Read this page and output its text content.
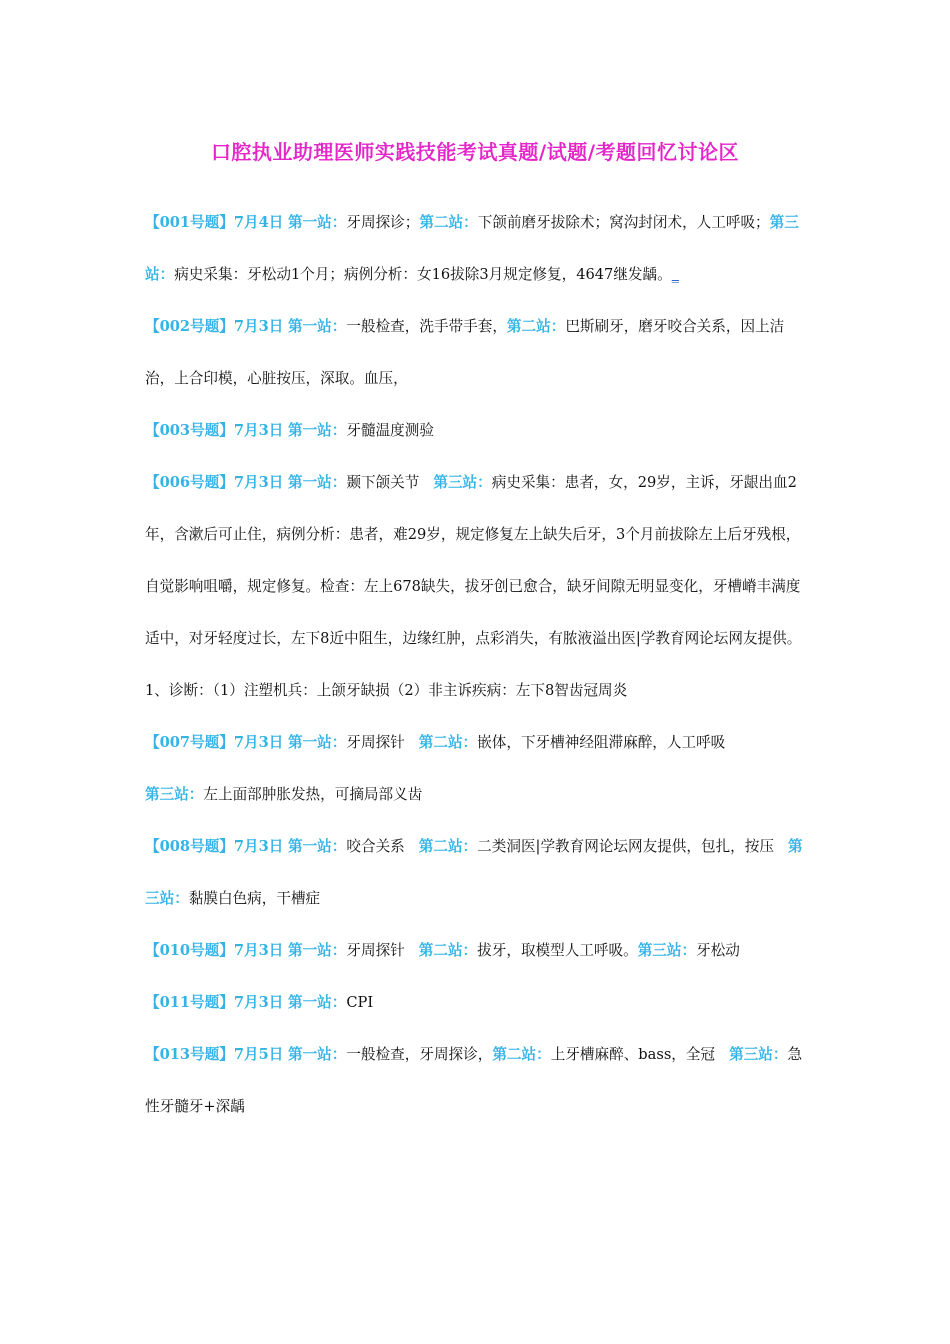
口腔执业助理医师实践技能考试真题/试题/考题回忆讨论区

【001号题】7月4日 第一站：牙周探诊；第二站：下颌前磨牙拔除术；窝沟封闭术，人工呼吸；第三站：病史采集：牙松动1个月；病例分析：女16拔除3月规定修复，4647继发龋。_

【002号题】7月3日 第一站：一般检查，洗手带手套，第二站：巴斯刷牙，磨牙咬合关系，因上洁治，上合印模，心脏按压，深取。血压，

【003号题】7月3日 第一站：牙髓温度测验

【006号题】7月3日 第一站：颞下颌关节 第三站：病史采集：患者，女，29岁，主诉，牙龈出血2年，含漱后可止住，病例分析：患者，难29岁，规定修复左上缺失后牙，3个月前拔除左上后牙残根，自觉影响咀嚼，规定修复。检查：左上678缺失，拔牙创已愈合，缺牙间隙无明显变化，牙槽嵴丰满度适中，对牙轻度过长，左下8近中阻生，边缘红肿，点彩消失，有脓液溢出医|学教育网论坛网友提供。1、诊断：（1）注塑机兵：上颌牙缺损（2）非主诉疾病：左下8智齿冠周炎

【007号题】7月3日 第一站：牙周探针 第二站：嵌体，下牙槽神经阻滞麻醉，人工呼吸
第三站：左上面部肿胀发热，可摘局部义齿

【008号题】7月3日 第一站：咬合关系 第二站：二类洞医|学教育网论坛网友提供，包扎，按压 第三站：黏膜白色病，干槽症

【010号题】7月3日 第一站：牙周探针 第二站：拔牙，取模型人工呼吸。第三站：牙松动

【011号题】7月3日 第一站：CPI

【013号题】7月5日 第一站：一般检查，牙周探诊，第二站：上牙槽麻醉、bass，全冠 第三站：急性牙髓牙+深龋
